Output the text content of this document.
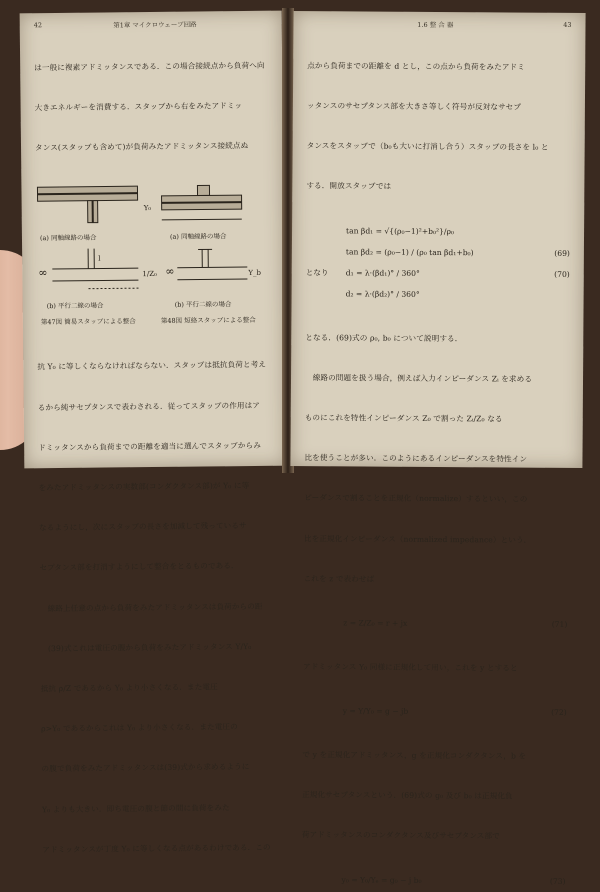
42	第1章 マイクロウェーブ回路

は一般に複素アドミッタンスである．この場合接続点から負荷へ向

大きエネルギーを消費する．スタッブから右をみたアドミッ

タンス(スタッブも含めて)が負荷みたアドミッタンス接続点ぬ

∞	∞
Y₀
1/Z₀	Y_b
l
(a) 同軸線路の場合	(a) 同軸線路の場合
(b) 平行二線の場合	(b) 平行二線の場合
第47図 簡易スタッブによる整合	第48図 短絡スタッブによる整合

抗 Y₀ に等しくならなければならない．スタッブは抵抗負荷と考え

るから純サセプタンスで表わされる．従ってスタッブの作用はア

ドミッタンスから負荷までの距離を適当に選んでスタッブからみ

をみたアドミッタンスの実数部(コンダクタンス部)が Y₀ に等

なるようにし，次にスタッブの長さを加減して残っているサ

セプタンス部を打消すようにして整合をとるものである．

　線路上任意の点から負荷をみたアドミッタンスは負荷からの距

　(39)式これは電圧の腹から負荷をみたアドミッタンス Y/Y₀

抵抗 ρ/Z であるから Y₀ より小さくなる．また電圧

ρ>Y₀ であるからこれは Y₀ より小さくなる．また電圧の

の腹で負荷をみたアドミッタンスは(39)式から求めるように

Y₀ よりも大きい．即ち電圧の腹と節の間に負荷をみた

アドミッタンスが丁度 Y₀ に等しくなる点があるわけである．この

1.6 整 合 器	43

点から負荷までの距離を d とし，この点から負荷をみたアドミ

ッタンスのサセプタンス部を大きさ等しく符号が反対なサセプ

タンスをスタッブで（b₀も大いに打消し合う）スタッブの長さを l₀ と

する．開放スタッブでは

tan βd₁ = √{(ρ₀−1)²+b₀²}/ρ₀
tan βd₂ = (ρ₀−1) / (ρ₀ tan βd₁+b₀)	(69)
となり	d₁ = λ·(βd₁)° / 360°	(70)
d₂ = λ·(βd₂)° / 360°

となる．(69)式の ρ₀, b₀ について説明する．

　線路の問題を扱う場合，例えば入力インピーダンス Zᵢ を求める

ものにこれを特性インピーダンス Z₀ で割った Zᵢ/Z₀ なる

比を使うことが多い．このようにあるインピーダンスを特性イン

ピーダンスで割ることを正規化（normalize）するといい，この

比を正規化インピーダンス（normalized impedance）という．

これを z で表わせば

z = Z/Z₀ = r + jx	(71)

アドミッタンス Y₀ 同様に正規化して用い，これを y とすると

y = Y/Y₀ = g − jb	(72)

で y を正規化アドミッタンス，g を正規化コンダクタンス，b を

正規化サセプタンスという．(69)式の g₀ 及び b₀ は正規化負

荷アドミッタンスのコンダクタンス及びサセプタンス部で

y₀ = Y₀/Yₑ = g₀ − j b₀	(73)
